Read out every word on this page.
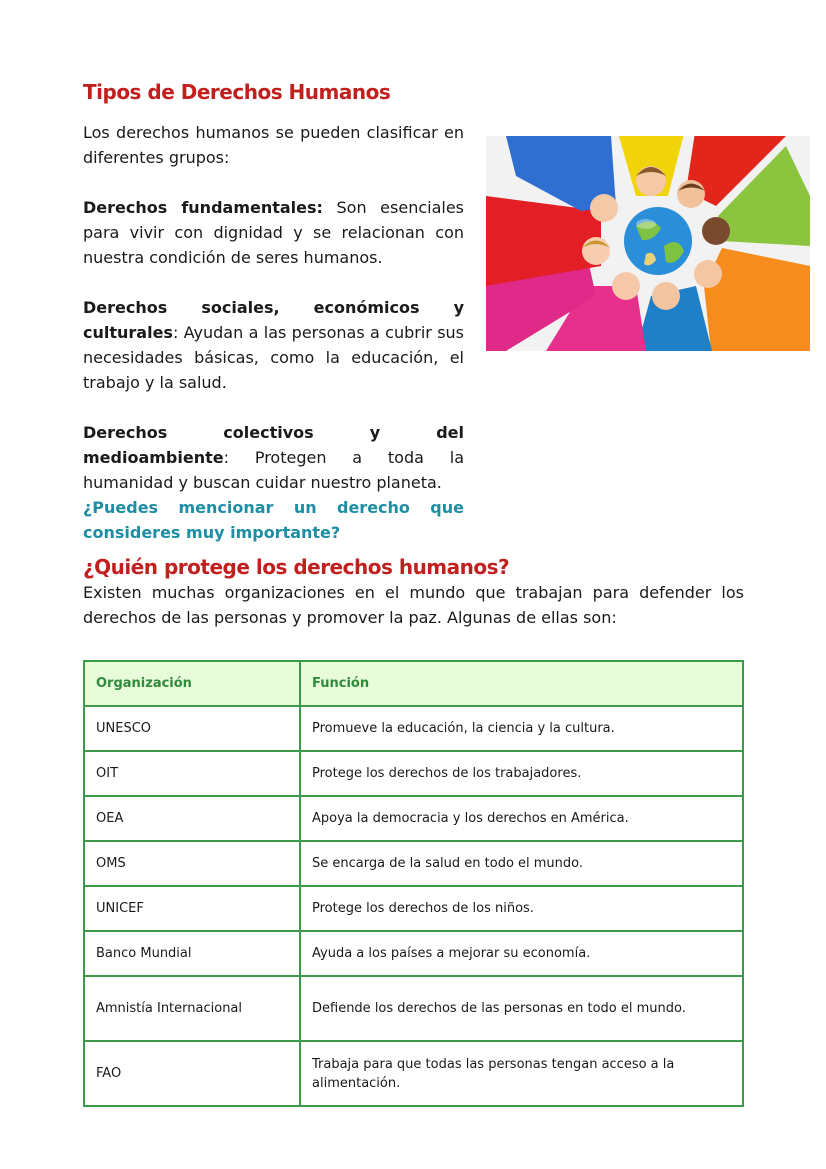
Tipos de Derechos Humanos

Los derechos humanos se pueden clasificar en diferentes grupos:

Derechos fundamentales: Son esenciales para vivir con dignidad y se relacionan con nuestra condición de seres humanos.

Derechos sociales, económicos y culturales: Ayudan a las personas a cubrir sus necesidades básicas, como la educación, el trabajo y la salud.

Derechos colectivos y del medioambiente: Protegen a toda la humanidad y buscan cuidar nuestro planeta.

¿Puedes mencionar un derecho que consideres muy importante?

¿Quién protege los derechos humanos?

Existen muchas organizaciones en el mundo que trabajan para defender los derechos de las personas y promover la paz. Algunas de ellas son:

Organización	Función
UNESCO	Promueve la educación, la ciencia y la cultura.
OIT	Protege los derechos de los trabajadores.
OEA	Apoya la democracia y los derechos en América.
OMS	Se encarga de la salud en todo el mundo.
UNICEF	Protege los derechos de los niños.
Banco Mundial	Ayuda a los países a mejorar su economía.
Amnistía Internacional	Defiende los derechos de las personas en todo el mundo.
FAO	Trabaja para que todas las personas tengan acceso a la alimentación.
